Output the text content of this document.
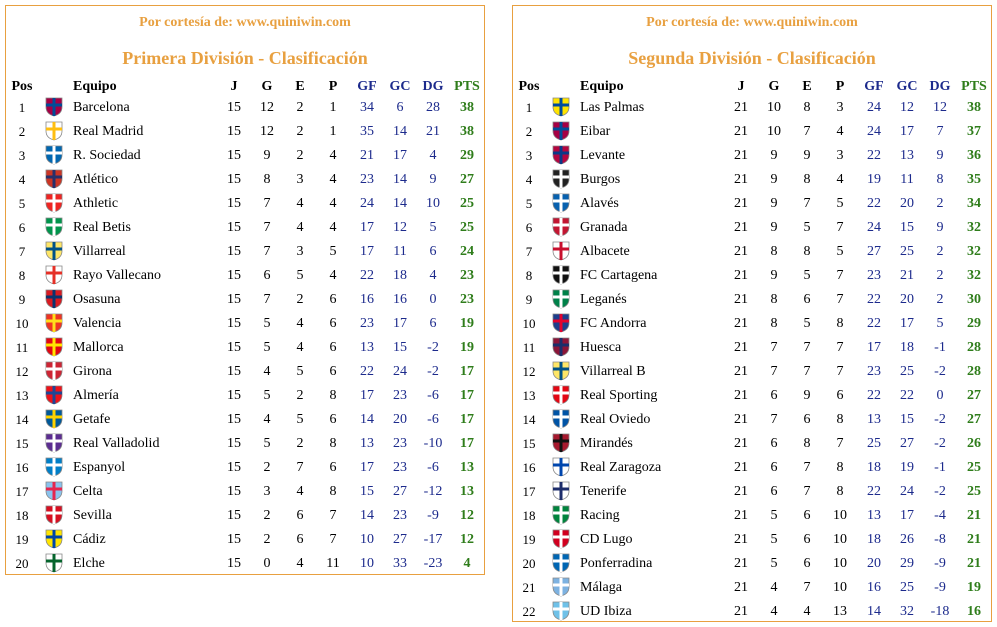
Por cortesía de: www.quiniwin.com
Primera División - Clasificación
Pos	Equipo	J	G	E	P	GF GC DG PTS
1	Barcelona	15	12	2	1	34	6	28	38
2	Real Madrid	15	12	2	1	35	14	21	38
3	R. Sociedad	15	9	2	4	21	17	4	29
4	Atlético	15	8	3	4	23	14	9	27
5	Athletic	15	7	4	4	24	14	10	25
6	Real Betis	15	7	4	4	17	12	5	25
7	Villarreal	15	7	3	5	17	11	6	24
8	Rayo Vallecano	15	6	5	4	22	18	4	23
9	Osasuna	15	7	2	6	16	16	0	23
10	Valencia	15	5	4	6	23	17	6	19
11	Mallorca	15	5	4	6	13	15	-2	19
12	Girona	15	4	5	6	22	24	-2	17
13	Almería	15	5	2	8	17	23	-6	17
14	Getafe	15	4	5	6	14	20	-6	17
15	Real Valladolid	15	5	2	8	13	23	-10	17
16	Espanyol	15	2	7	6	17	23	-6	13
17	Celta	15	3	4	8	15	27	-12	13
18	Sevilla	15	2	6	7	14	23	-9	12
19	Cádiz	15	2	6	7	10	27	-17	12
20	Elche	15	0	4	11	10	33	-23	4
Por cortesía de: www.quiniwin.com
Segunda División - Clasificación
Pos	Equipo	J	G	E	P	GF GC DG PTS
1	Las Palmas	21	10	8	3	24	12	12	38
2	Eibar	21	10	7	4	24	17	7	37
3	Levante	21	9	9	3	22	13	9	36
4	Burgos	21	9	8	4	19	11	8	35
5	Alavés	21	9	7	5	22	20	2	34
6	Granada	21	9	5	7	24	15	9	32
7	Albacete	21	8	8	5	27	25	2	32
8	FC Cartagena	21	9	5	7	23	21	2	32
9	Leganés	21	8	6	7	22	20	2	30
10	FC Andorra	21	8	5	8	22	17	5	29
11	Huesca	21	7	7	7	17	18	-1	28
12	Villarreal B	21	7	7	7	23	25	-2	28
13	Real Sporting	21	6	9	6	22	22	0	27
14	Real Oviedo	21	7	6	8	13	15	-2	27
15	Mirandés	21	6	8	7	25	27	-2	26
16	Real Zaragoza	21	6	7	8	18	19	-1	25
17	Tenerife	21	6	7	8	22	24	-2	25
18	Racing	21	5	6	10	13	17	-4	21
19	CD Lugo	21	5	6	10	18	26	-8	21
20	Ponferradina	21	5	6	10	20	29	-9	21
21	Málaga	21	4	7	10	16	25	-9	19
22	UD Ibiza	21	4	4	13	14	32	-18	16
